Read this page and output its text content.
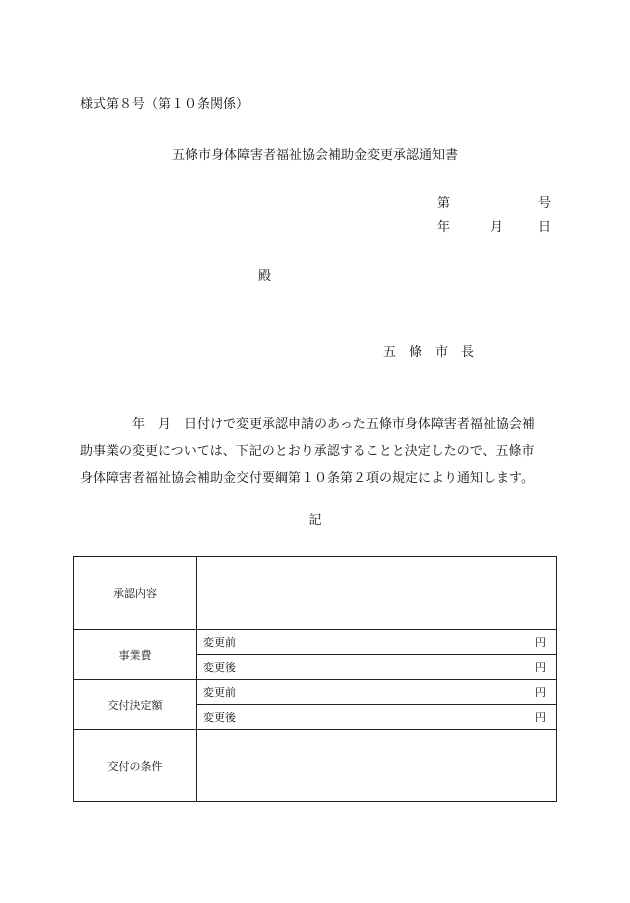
様式第８号（第１０条関係）
五條市身体障害者福祉協会補助金変更承認通知書
第	号
年	月	日
殿
五 條 市 長
　　　　年　月　日付けで変更承認申請のあった五條市身体障害者福祉協会補
助事業の変更については、下記のとおり承認することと決定したので、五條市
身体障害者福祉協会補助金交付要綱第１０条第２項の規定により通知します。
記
承認内容	
事業費	変更前 円

	変更後 円

交付決定額	変更前 円

	変更後 円

交付の条件	
